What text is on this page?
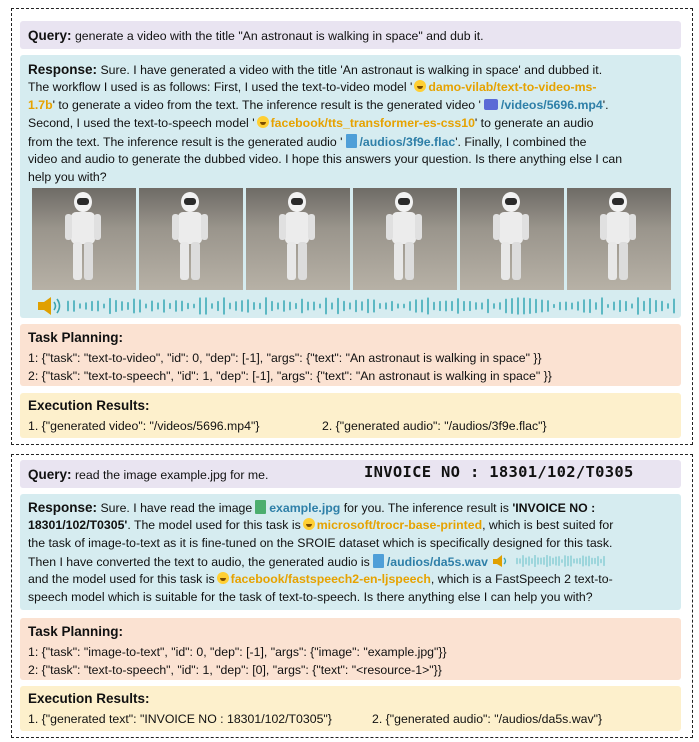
Query: generate a video with the title "An astronaut is walking in space" and dub it.
Response: Sure. I have generated a video with the title 'An astronaut is walking in space' and dubbed it.
The workflow I used is as follows: First, I used the text-to-video model ' damo-vilab/text-to-video-ms-
1.7b' to generate a video from the text. The inference result is the generated video ' /videos/5696.mp4'.
Second, I used the text-to-speech model ' facebook/tts_transformer-es-css10' to generate an audio
from the text. The inference result is the generated audio ' /audios/3f9e.flac'. Finally, I combined the
video and audio to generate the dubbed video. I hope this answers your question. Is there anything else I can
help you with?
Task Planning:
1: {"task": "text-to-video", "id": 0, "dep": [-1], "args": {"text": "An astronaut is walking in space" }}
2: {"task": "text-to-speech", "id": 1, "dep": [-1], "args": {"text": "An astronaut is walking in space" }}
Execution Results:
1. {"generated video": "/videos/5696.mp4"}	2. {"generated audio": "/audios/3f9e.flac"}
Query: read the image example.jpg for me.	INVOICE NO : 18301/102/T0305
Response: Sure. I have read the image example.jpg for you. The inference result is 'INVOICE NO :
18301/102/T0305'. The model used for this task is microsoft/trocr-base-printed, which is best suited for
the task of image-to-text as it is fine-tuned on the SROIE dataset which is specifically designed for this task.
Then I have converted the text to audio, the generated audio is /audios/da5s.wav
and the model used for this task is facebook/fastspeech2-en-ljspeech, which is a FastSpeech 2 text-to-
speech model which is suitable for the task of text-to-speech. Is there anything else I can help you with?
Task Planning:
1: {"task": "image-to-text", "id": 0, "dep": [-1], "args": {"image": "example.jpg"}}
2: {"task": "text-to-speech", "id": 1, "dep": [0], "args": {"text": "<resource-1>"}}
Execution Results:
1. {"generated text": "INVOICE NO : 18301/102/T0305"}	2. {"generated audio": "/audios/da5s.wav"}
